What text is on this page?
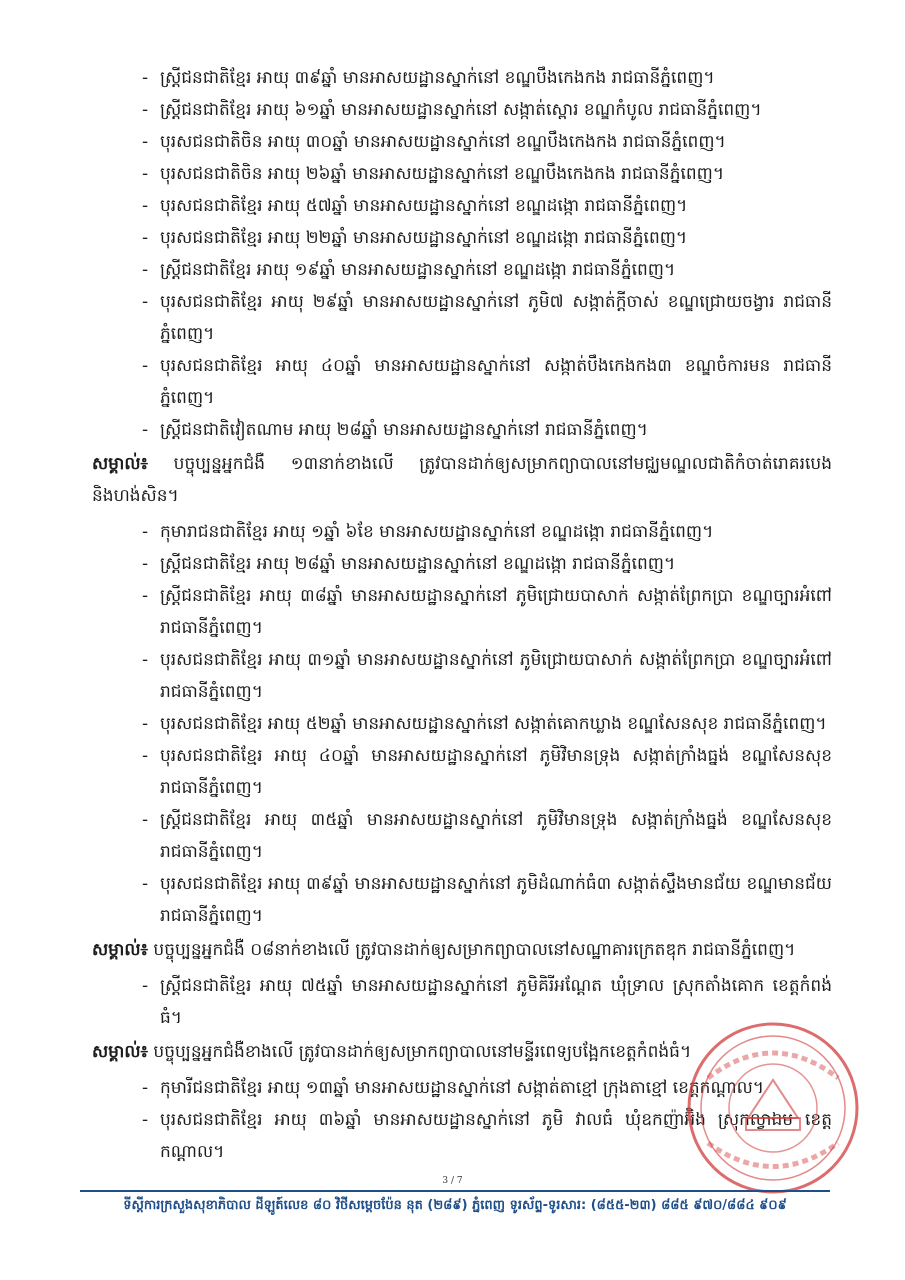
- ស្ត្រីជនជាតិខ្មែរ អាយុ ៣៩ឆ្នាំ មានអាសយដ្ឋានស្នាក់នៅ ខណ្ឌបឹងកេងកង រាជធានីភ្នំពេញ។
- ស្ត្រីជនជាតិខ្មែរ អាយុ ៦១ឆ្នាំ មានអាសយដ្ឋានស្នាក់នៅ សង្កាត់ស្ពោរ ខណ្ឌកំបូល រាជធានីភ្នំពេញ។
- បុរសជនជាតិចិន អាយុ ៣០ឆ្នាំ មានអាសយដ្ឋានស្នាក់នៅ ខណ្ឌបឹងកេងកង រាជធានីភ្នំពេញ។
- បុរសជនជាតិចិន អាយុ ២៦ឆ្នាំ មានអាសយដ្ឋានស្នាក់នៅ ខណ្ឌបឹងកេងកង រាជធានីភ្នំពេញ។
- បុរសជនជាតិខ្មែរ អាយុ ៥៧ឆ្នាំ មានអាសយដ្ឋានស្នាក់នៅ ខណ្ឌដង្កោ រាជធានីភ្នំពេញ។
- បុរសជនជាតិខ្មែរ អាយុ ២២ឆ្នាំ មានអាសយដ្ឋានស្នាក់នៅ ខណ្ឌដង្កោ រាជធានីភ្នំពេញ។
- ស្ត្រីជនជាតិខ្មែរ អាយុ ១៩ឆ្នាំ មានអាសយដ្ឋានស្នាក់នៅ ខណ្ឌដង្កោ រាជធានីភ្នំពេញ។
- បុរសជនជាតិខ្មែរ អាយុ ២៩ឆ្នាំ មានអាសយដ្ឋានស្នាក់នៅ ភូមិ៧ សង្កាត់ក្តីចាស់ ខណ្ឌជ្រោយចង្វារ រាជធានីភ្នំពេញ។
- បុរសជនជាតិខ្មែរ អាយុ ៤០ឆ្នាំ មានអាសយដ្ឋានស្នាក់នៅ សង្កាត់បឹងកេងកង៣ ខណ្ឌចំការមន រាជធានីភ្នំពេញ។
- ស្ត្រីជនជាតិវៀតណាម អាយុ ២៨ឆ្នាំ មានអាសយដ្ឋានស្នាក់នៅ រាជធានីភ្នំពេញ។

សម្គាល់៖ បច្ចុប្បន្នអ្នកជំងឺ ១៣នាក់ខាងលើ ត្រូវបានដាក់ឲ្យសម្រាកព្យាបាលនៅមជ្ឈមណ្ឌលជាតិកំចាត់រោគរបេង និងហង់សិន។

- កុមារាជនជាតិខ្មែរ អាយុ ១ឆ្នាំ ៦ខែ មានអាសយដ្ឋានស្នាក់នៅ ខណ្ឌដង្កោ រាជធានីភ្នំពេញ។
- ស្ត្រីជនជាតិខ្មែរ អាយុ ២៨ឆ្នាំ មានអាសយដ្ឋានស្នាក់នៅ ខណ្ឌដង្កោ រាជធានីភ្នំពេញ។
- ស្ត្រីជនជាតិខ្មែរ អាយុ ៣៨ឆ្នាំ មានអាសយដ្ឋានស្នាក់នៅ ភូមិជ្រោយបាសាក់ សង្កាត់ព្រែកប្រា ខណ្ឌច្បារអំពៅ រាជធានីភ្នំពេញ។
- បុរសជនជាតិខ្មែរ អាយុ ៣១ឆ្នាំ មានអាសយដ្ឋានស្នាក់នៅ ភូមិជ្រោយបាសាក់ សង្កាត់ព្រែកប្រា ខណ្ឌច្បារអំពៅ រាជធានីភ្នំពេញ។
- បុរសជនជាតិខ្មែរ អាយុ ៥២ឆ្នាំ មានអាសយដ្ឋានស្នាក់នៅ សង្កាត់គោកឃ្លាង ខណ្ឌសែនសុខ រាជធានីភ្នំពេញ។
- បុរសជនជាតិខ្មែរ អាយុ ៤០ឆ្នាំ មានអាសយដ្ឋានស្នាក់នៅ ភូមិវិមានទ្រុង សង្កាត់ក្រាំងធ្នង់ ខណ្ឌសែនសុខ រាជធានីភ្នំពេញ។
- ស្ត្រីជនជាតិខ្មែរ អាយុ ៣៥ឆ្នាំ មានអាសយដ្ឋានស្នាក់នៅ ភូមិវិមានទ្រុង សង្កាត់ក្រាំងធ្នង់ ខណ្ឌសែនសុខ រាជធានីភ្នំពេញ។
- បុរសជនជាតិខ្មែរ អាយុ ៣៩ឆ្នាំ មានអាសយដ្ឋានស្នាក់នៅ ភូមិដំណាក់ធំ៣ សង្កាត់ស្ទឹងមានជ័យ ខណ្ឌមានជ័យ រាជធានីភ្នំពេញ។

សម្គាល់៖ បច្ចុប្បន្នអ្នកជំងឺ ០៨នាក់ខាងលើ ត្រូវបានដាក់ឲ្យសម្រាកព្យាបាលនៅសណ្ឋាគារក្រេតឌុក រាជធានីភ្នំពេញ។

- ស្ត្រីជនជាតិខ្មែរ អាយុ ៧៥ឆ្នាំ មានអាសយដ្ឋានស្នាក់នៅ ភូមិគិរីអណ្តែត ឃុំទ្រាល ស្រុកតាំងគោក ខេត្តកំពង់ធំ។

សម្គាល់៖ បច្ចុប្បន្នអ្នកជំងឺខាងលើ ត្រូវបានដាក់ឲ្យសម្រាកព្យាបាលនៅមន្ទីរពេទ្យបង្អែកខេត្តកំពង់ធំ។

- កុមារីជនជាតិខ្មែរ អាយុ ១៣ឆ្នាំ មានអាសយដ្ឋានស្នាក់នៅ សង្កាត់តាខ្មៅ ក្រុងតាខ្មៅ ខេត្តកណ្តាល។
- បុរសជនជាតិខ្មែរ អាយុ ៣៦ឆ្នាំ មានអាសយដ្ឋានស្នាក់នៅ ភូមិ វាលធំ ឃុំឧកញ៉ាអ៊ិង ស្រុកល្វាឯម ខេត្តកណ្តាល។
3 / 7
ទីស្តីការក្រសួងសុខាភិបាល ដីឡូត៍លេខ ៨០ វិថីសម្តេចប៉ែន នុត (២៨៩) ភ្នំពេញ ទូរស័ព្ទ-ទូរសារ: (៨៥៥-២៣) ៨៨៥ ៩៧០/៨៨៤ ៩០៩
